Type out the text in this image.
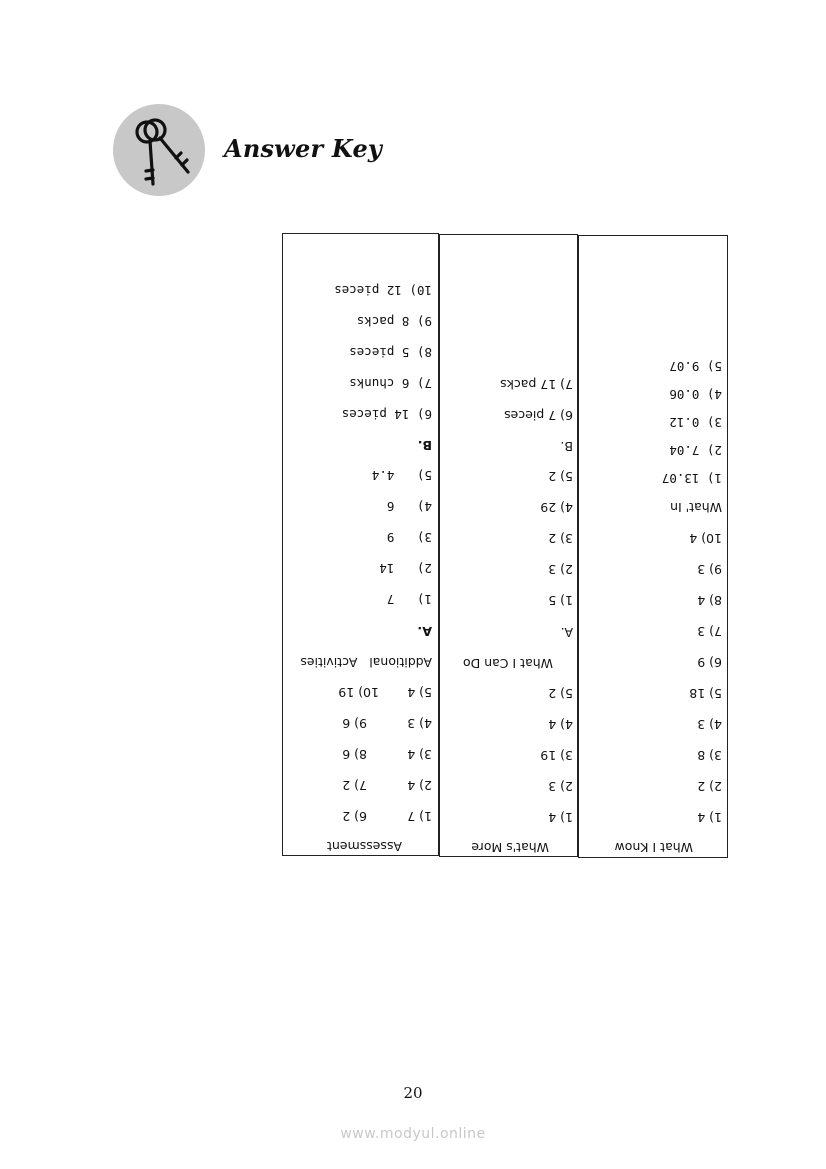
Answer Key
What I Know
1) 4
2) 2
3) 8
4) 3
5) 18
6) 9
7) 3
8) 4
9) 3
10) 4
What' In
1) 13.07
2) 7.04
3) 0.12
4) 0.06
5) 9.07
What's More
1) 4
2) 3
3) 19
4) 4
5) 2
What I Can Do
A.
1) 5
2) 3
3) 2
4) 29
5) 2
B.
6) 7 pieces
7) 17 packs
Assessment
1) 7
2) 4
3) 4
4) 3
5) 4
6) 2
7) 2
8) 6
9) 6
10) 19
Additional   Activities
A.
1)   7
2)   14
3)   9
4)   6
5)   4.4
B.
6) 14 pieces
7) 6 chunks
8) 5 pieces
9) 8 packs
10) 12 pieces
20
www.modyul.online
